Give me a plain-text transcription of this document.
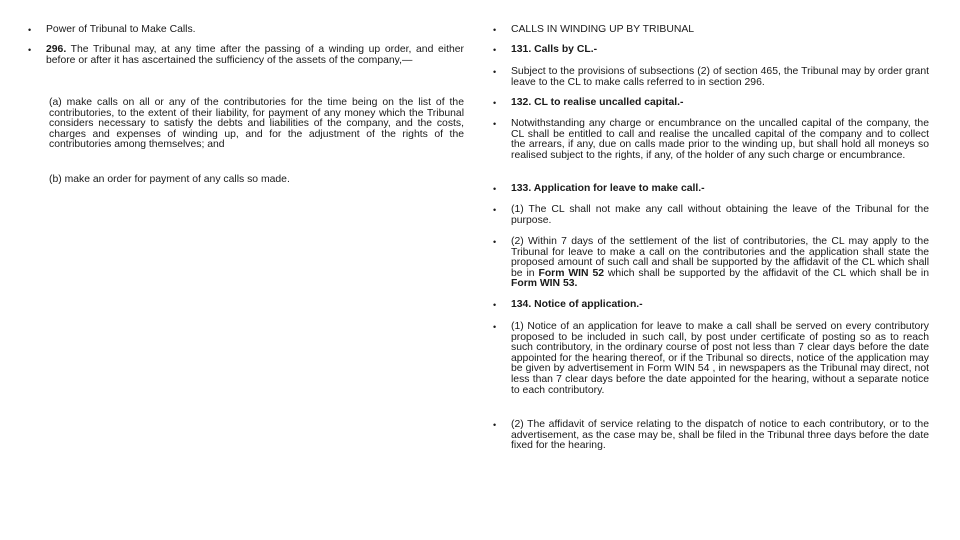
• Power of Tribunal to Make Calls.
• 296. The Tribunal may, at any time after the passing of a winding up order, and either before or after it has ascertained the sufficiency of the assets of the company,—
(a) make calls on all or any of the contributories for the time being on the list of the contributories, to the extent of their liability, for payment of any money which the Tribunal considers necessary to satisfy the debts and liabilities of the company, and the costs, charges and expenses of winding up, and for the adjustment of the rights of the contributories among themselves; and
(b) make an order for payment of any calls so made.
• CALLS IN WINDING UP BY TRIBUNAL
• 131. Calls by CL.-
• Subject to the provisions of subsections (2) of section 465, the Tribunal may by order grant leave to the CL to make calls referred to in section 296.
• 132. CL to realise uncalled capital.-
• Notwithstanding any charge or encumbrance on the uncalled capital of the company, the CL shall be entitled to call and realise the uncalled capital of the company and to collect the arrears, if any, due on calls made prior to the winding up, but shall hold all moneys so realised subject to the rights, if any, of the holder of any such charge or encumbrance.
• 133. Application for leave to make call.-
• (1) The CL shall not make any call without obtaining the leave of the Tribunal for the purpose.
• (2) Within 7 days of the settlement of the list of contributories, the CL may apply to the Tribunal for leave to make a call on the contributories and the application shall state the proposed amount of such call and shall be supported by the affidavit of the CL which shall be in Form WIN 52 which shall be supported by the affidavit of the CL which shall be in Form WIN 53.
• 134. Notice of application.-
• (1) Notice of an application for leave to make a call shall be served on every contributory proposed to be included in such call, by post under certificate of posting so as to reach such contributory, in the ordinary course of post not less than 7 clear days before the date appointed for the hearing thereof, or if the Tribunal so directs, notice of the application may be given by advertisement in Form WIN 54 , in newspapers as the Tribunal may direct, not less than 7 clear days before the date appointed for the hearing, without a separate notice to each contributory.
• (2) The affidavit of service relating to the dispatch of notice to each contributory, or to the advertisement, as the case may be, shall be filed in the Tribunal three days before the date fixed for the hearing.
